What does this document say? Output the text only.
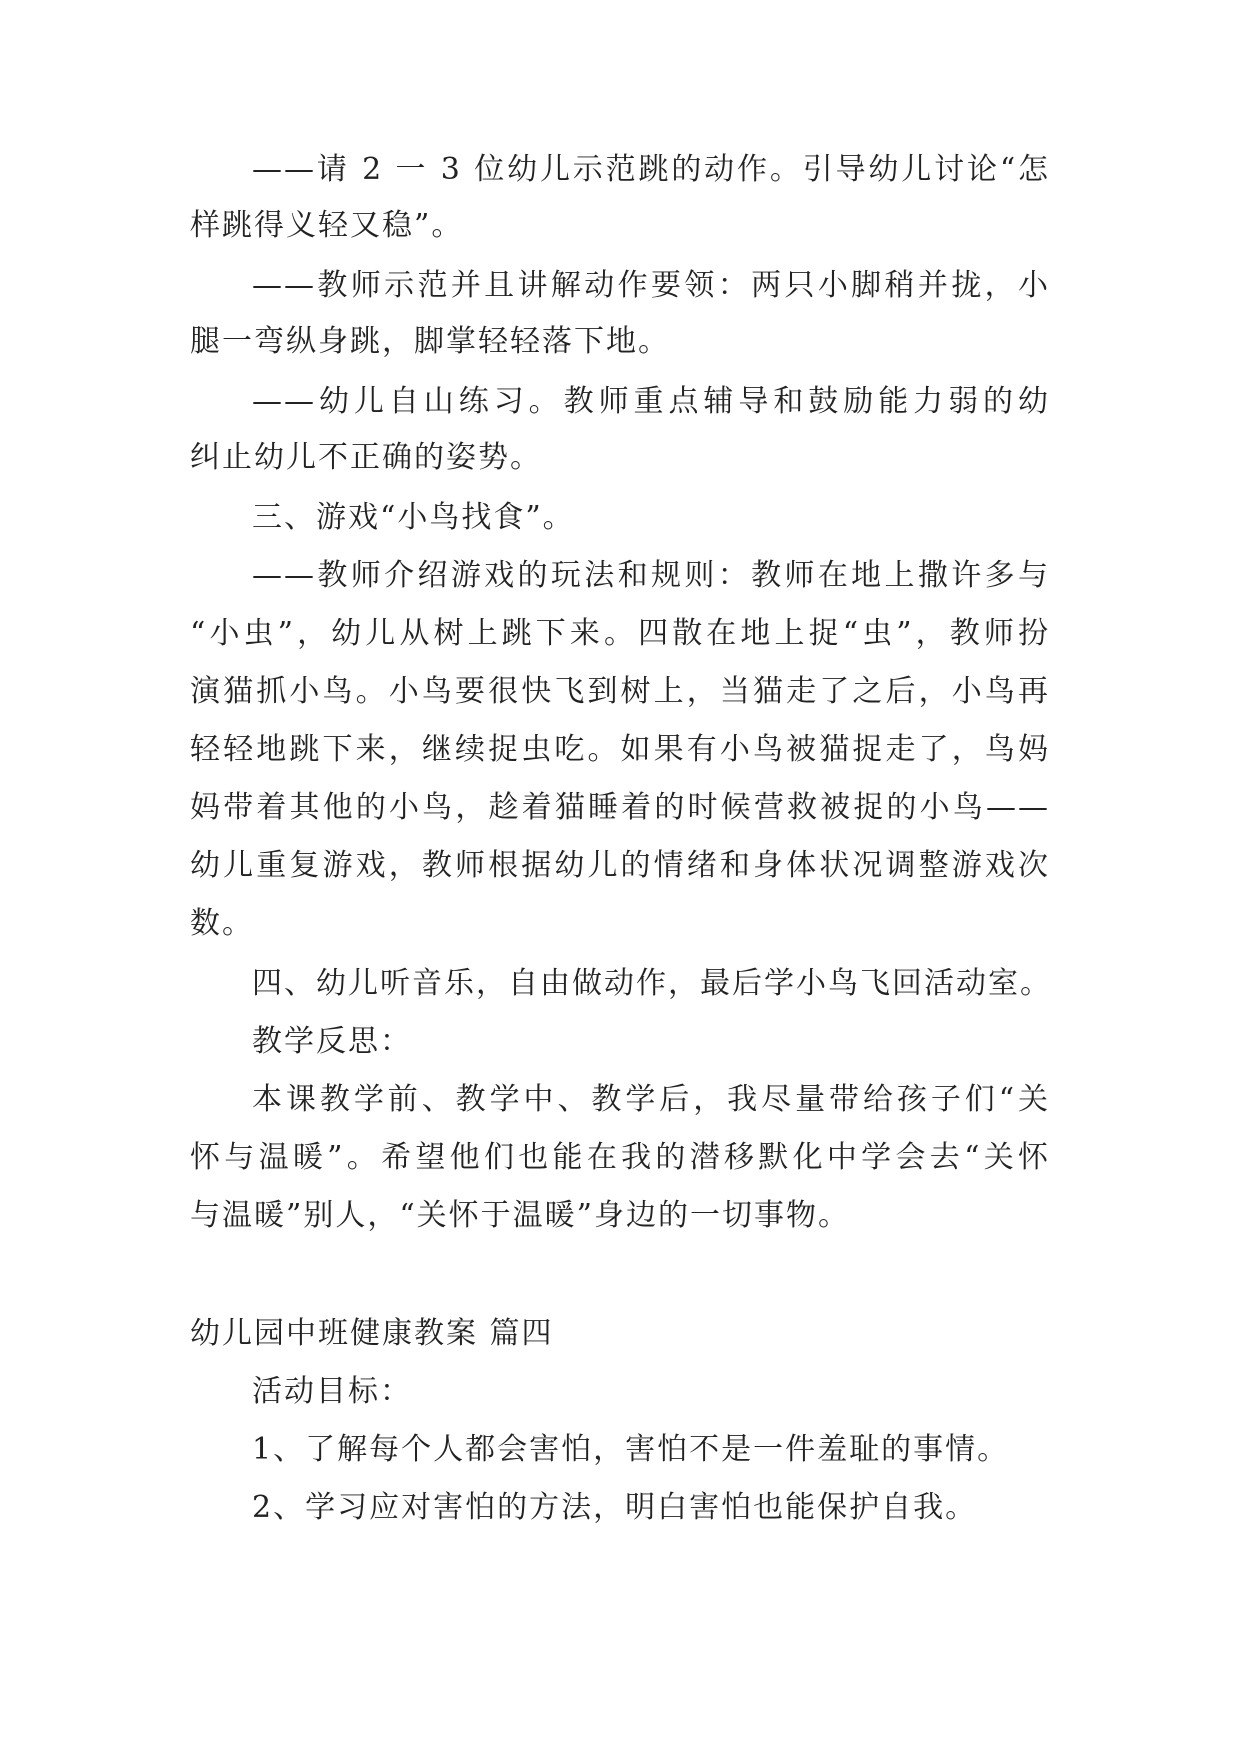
——请 2 一 3 位幼儿示范跳的动作。引导幼儿讨论“怎
样跳得义轻又稳”。
——教师示范并且讲解动作要领：两只小脚稍并拢，小
腿一弯纵身跳，脚掌轻轻落下地。
——幼儿自山练习。教师重点辅导和鼓励能力弱的幼
纠止幼儿不正确的姿势。
三、游戏“小鸟找食”。
——教师介绍游戏的玩法和规则：教师在地上撒许多与
“小虫”，幼儿从树上跳下来。四散在地上捉“虫”，教师扮
演猫抓小鸟。小鸟要很快飞到树上，当猫走了之后，小鸟再
轻轻地跳下来，继续捉虫吃。如果有小鸟被猫捉走了，鸟妈
妈带着其他的小鸟，趁着猫睡着的时候营救被捉的小鸟——
幼儿重复游戏，教师根据幼儿的情绪和身体状况调整游戏次
数。
四、幼儿听音乐，自由做动作，最后学小鸟飞回活动室。
教学反思：
本课教学前、教学中、教学后，我尽量带给孩子们“关
怀与温暖”。希望他们也能在我的潜移默化中学会去“关怀
与温暖”别人，“关怀于温暖”身边的一切事物。
幼儿园中班健康教案 篇四
活动目标：
1、了解每个人都会害怕，害怕不是一件羞耻的事情。
2、学习应对害怕的方法，明白害怕也能保护自我。
